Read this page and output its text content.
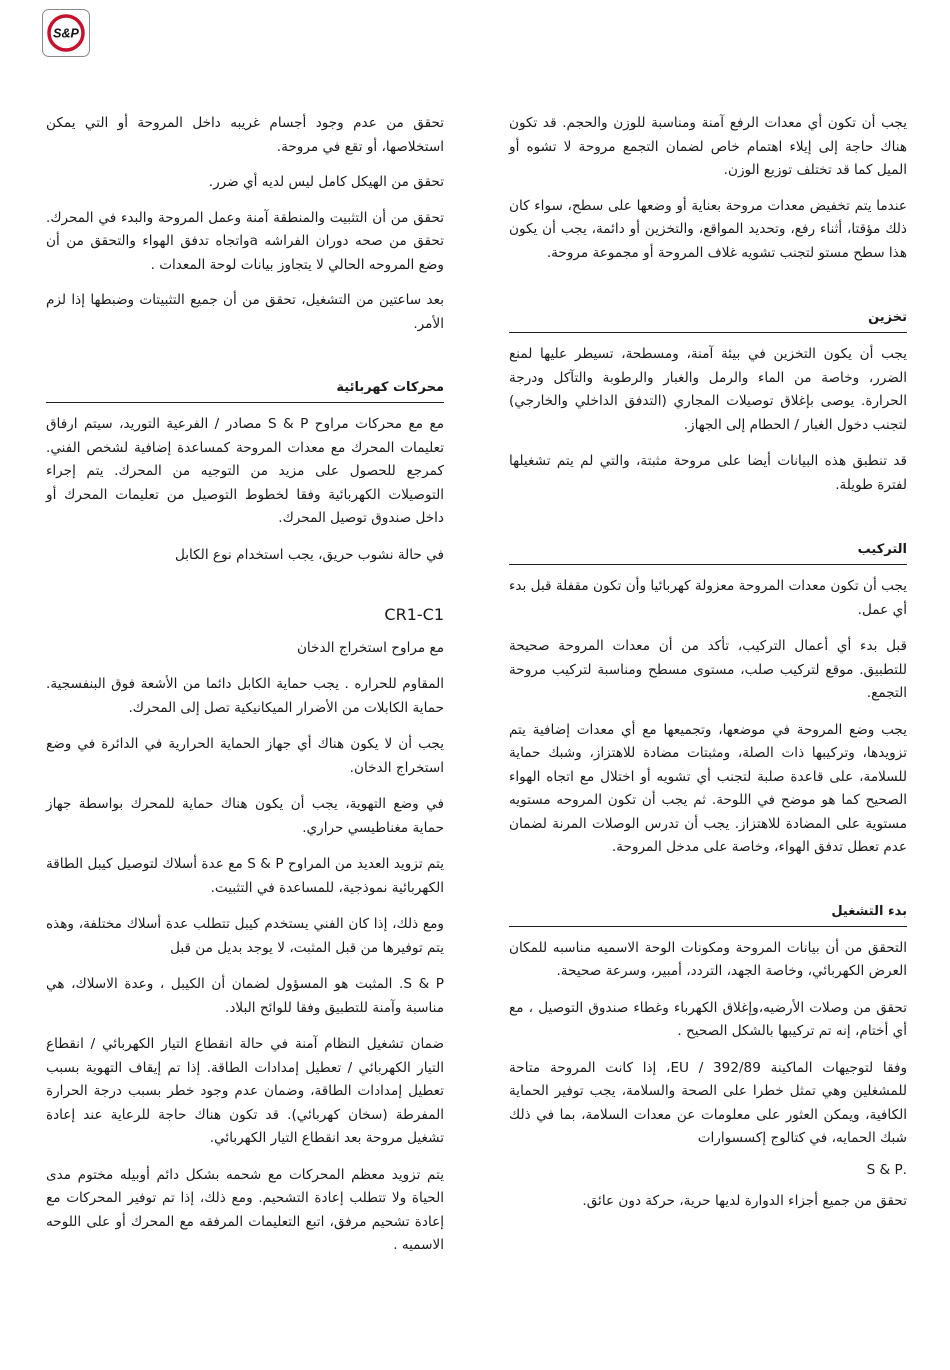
S&P

يجب أن تكون أي معدات الرفع آمنة ومناسبة للوزن والحجم. قد تكون هناك حاجة إلى إيلاء اهتمام خاص لضمان التجمع مروحة لا تشوه أو الميل كما قد تختلف توزيع الوزن.

عندما يتم تخفيض معدات مروحة بعناية أو وضعها على سطح، سواء كان ذلك مؤقتا، أثناء رفع، وتحديد المواقع، والتخزين أو دائمة، يجب أن يكون هذا سطح مستو لتجنب تشويه غلاف المروحة أو مجموعة مروحة.

تخزين

يجب أن يكون التخزين في بيئة آمنة، ومسطحة، تسيطر عليها لمنع الضرر، وخاصة من الماء والرمل والغبار والرطوبة والتآكل ودرجة الحرارة. يوصى بإغلاق توصيلات المجاري (التدفق الداخلي والخارجي) لتجنب دخول الغبار / الحطام إلى الجهاز.

قد تنطبق هذه البيانات أيضا على مروحة مثبتة، والتي لم يتم تشغيلها لفترة طويلة.

التركيب

يجب أن تكون معدات المروحة معزولة كهربائيا وأن تكون مقفلة قبل بدء أي عمل.

قبل بدء أي أعمال التركيب، تأكد من أن معدات المروحة صحيحة للتطبيق. موقع لتركيب صلب، مستوى مسطح ومناسبة لتركيب مروحة التجمع.

يجب وضع المروحة في موضعها، وتجميعها مع أي معدات إضافية يتم تزويدها، وتركيبها ذات الصلة، ومثبتات مضادة للاهتزاز، وشبك حماية للسلامة، على قاعدة صلبة لتجنب أي تشويه أو اختلال مع اتجاه الهواء الصحيح كما هو موضح في اللوحة. ثم يجب أن تكون المروحه مستويه مستوية على المضادة للاهتزاز. يجب أن تدرس الوصلات المرنة لضمان عدم تعطل تدفق الهواء، وخاصة على مدخل المروحة.

بدء التشغيل

التحقق من أن بيانات المروحة ومكونات الوحة الاسميه مناسبه للمكان العرض الكهربائي، وخاصة الجهد، التردد، أمبير، وسرعة صحيحة.

تحقق من وصلات الأرضيه،وإغلاق الكهرباء وغطاء صندوق التوصيل ، مع أي أختام، إنه تم تركيبها بالشكل الصحيح .

وفقا لتوجيهات الماكينة EU / 392/89، إذا كانت المروحة متاحة للمشغلين وهي تمثل خطرا على الصحة والسلامة، يجب توفير الحماية الكافية، ويمكن العثور على معلومات عن معدات السلامة، بما في ذلك شبك الحمايه، في كتالوج إكسسوارات

.S & P

تحقق من جميع أجزاء الدوارة لديها حرية، حركة دون عائق.

تحقق من عدم وجود أجسام غريبه داخل المروحة أو التي يمكن استخلاصها، أو تقع في مروحة.

تحقق من الهيكل كامل ليس لديه أي ضرر.

تحقق من أن التثبيت والمنطقة آمنة وعمل المروحة والبدء في المحرك. تحقق من صحه دوران الفراشه aواتجاه تدفق الهواء والتحقق من أن وضع المروحه الحالي لا يتجاوز بيانات لوحة المعدات .

بعد ساعتين من التشغيل، تحقق من أن جميع التثبيتات وضبطها إذا لزم الأمر.

محركات كهربائية

مع مع محركات مراوح S & P مصادر / الفرعية التوريد، سيتم ارفاق تعليمات المحرك مع معدات المروحة كمساعدة إضافية لشخص الفني. كمرجع للحصول على مزيد من التوجيه من المحرك. يتم إجراء التوصيلات الكهربائية وفقا لخطوط التوصيل من تعليمات المحرك أو داخل صندوق توصيل المحرك.

في حالة نشوب حريق، يجب استخدام نوع الكابل

CR1-C1

مع مراوح استخراج الدخان

المقاوم للحراره . يجب حماية الكابل دائما من الأشعة فوق البنفسجية. حماية الكابلات من الأضرار الميكانيكية تصل إلى المحرك.

يجب أن لا يكون هناك أي جهاز الحماية الحرارية في الدائرة في وضع استخراج الدخان.

في وضع التهوية، يجب أن يكون هناك حماية للمحرك بواسطة جهاز حماية مغناطيسي حراري.

يتم تزويد العديد من المراوح S & P مع عدة أسلاك لتوصيل كيبل الطاقة الكهربائية نموذجية، للمساعدة في التثبيت.

ومع ذلك، إذا كان الفني يستخدم كيبل تتطلب عدة أسلاك مختلفة، وهذه يتم توفيرها من قبل المثبت، لا يوجد بديل من قبل

S & P. المثبت هو المسؤول لضمان أن الكيبل ، وعدة الاسلاك، هي مناسبة وآمنة للتطبيق وفقا للوائح البلاد.

ضمان تشغيل النظام آمنة في حالة انقطاع التيار الكهربائي / انقطاع التيار الكهربائي / تعطيل إمدادات الطاقة. إذا تم إيقاف التهوية بسبب تعطيل إمدادات الطاقة، وضمان عدم وجود خطر بسبب درجة الحرارة المفرطة (سخان كهربائي). قد تكون هناك حاجة للرعاية عند إعادة تشغيل مروحة بعد انقطاع التيار الكهربائي.

يتم تزويد معظم المحركات مع شحمه بشكل دائم أوبيله مختوم مدى الحياة ولا تتطلب إعادة التشحيم. ومع ذلك، إذا تم توفير المحركات مع إعادة تشحيم مرفق، اتبع التعليمات المرفقه مع المحرك أو على اللوحه الاسميه .
